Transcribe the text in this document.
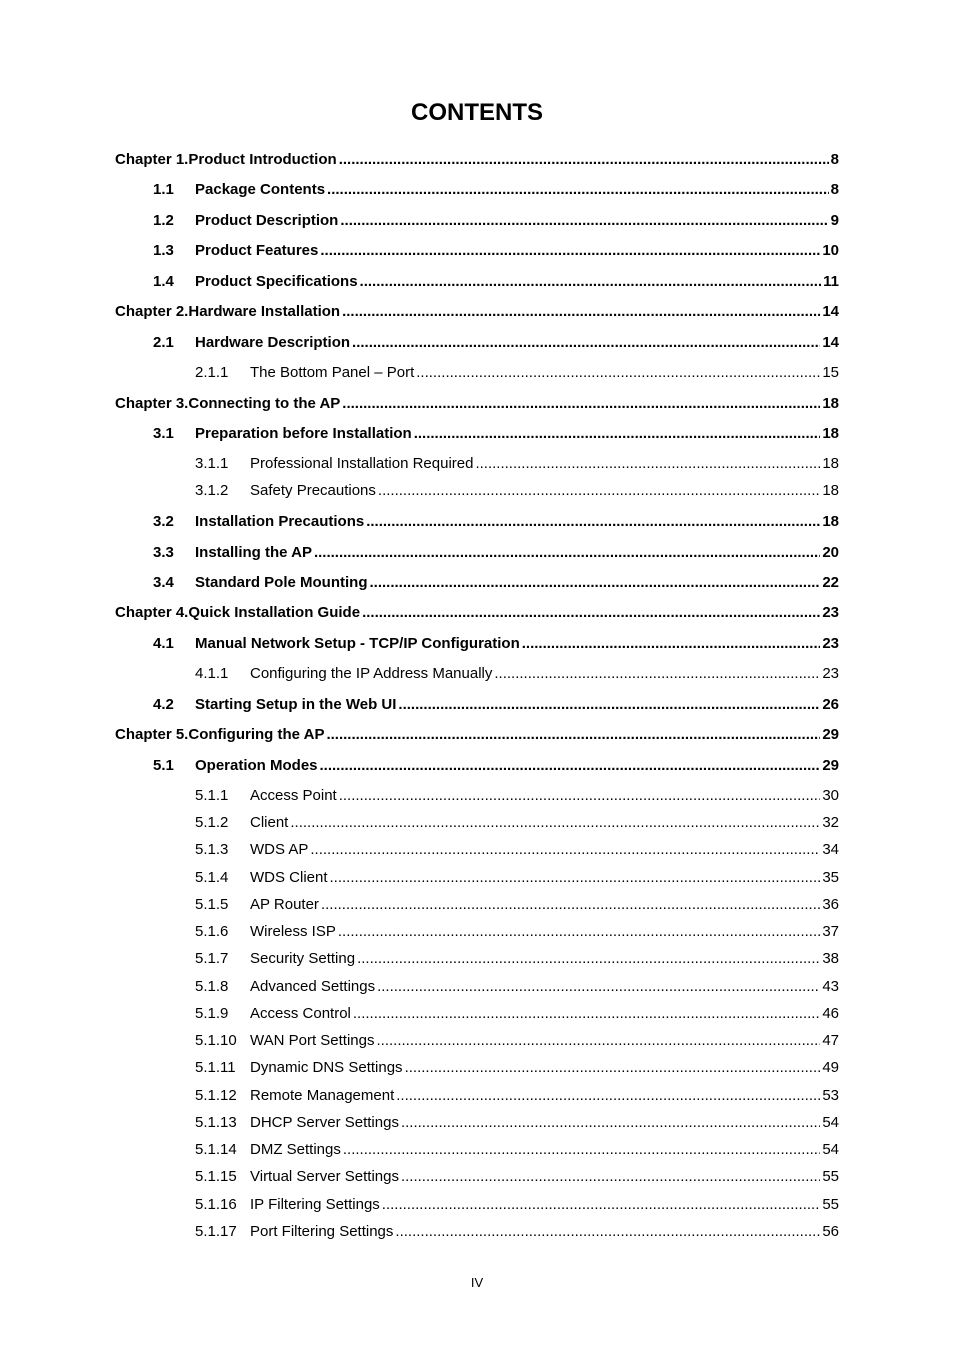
CONTENTS
Chapter 1. Product Introduction .....	8
1.1	Package Contents .....	8
1.2	Product Description .....	9
1.3	Product Features .....	10
1.4	Product Specifications .....	11
Chapter 2. Hardware Installation .....	14
2.1	Hardware Description .....	14
2.1.1	The Bottom Panel – Port .....	15
Chapter 3. Connecting to the AP .....	18
3.1	Preparation before Installation .....	18
3.1.1	Professional Installation Required .....	18
3.1.2	Safety Precautions .....	18
3.2	Installation Precautions .....	18
3.3	Installing the AP .....	20
3.4	Standard Pole Mounting .....	22
Chapter 4. Quick Installation Guide .....	23
4.1	Manual Network Setup - TCP/IP Configuration .....	23
4.1.1	Configuring the IP Address Manually .....	23
4.2	Starting Setup in the Web UI .....	26
Chapter 5. Configuring the AP .....	29
5.1	Operation Modes .....	29
5.1.1	Access Point .....	30
5.1.2	Client .....	32
5.1.3	WDS AP .....	34
5.1.4	WDS Client .....	35
5.1.5	AP Router .....	36
5.1.6	Wireless ISP .....	37
5.1.7	Security Setting .....	38
5.1.8	Advanced Settings .....	43
5.1.9	Access Control .....	46
5.1.10 WAN Port Settings .....	47
5.1.11 Dynamic DNS Settings .....	49
5.1.12 Remote Management .....	53
5.1.13 DHCP Server Settings .....	54
5.1.14 DMZ Settings .....	54
5.1.15 Virtual Server Settings .....	55
5.1.16 IP Filtering Settings .....	55
5.1.17 Port Filtering Settings .....	56
IV
